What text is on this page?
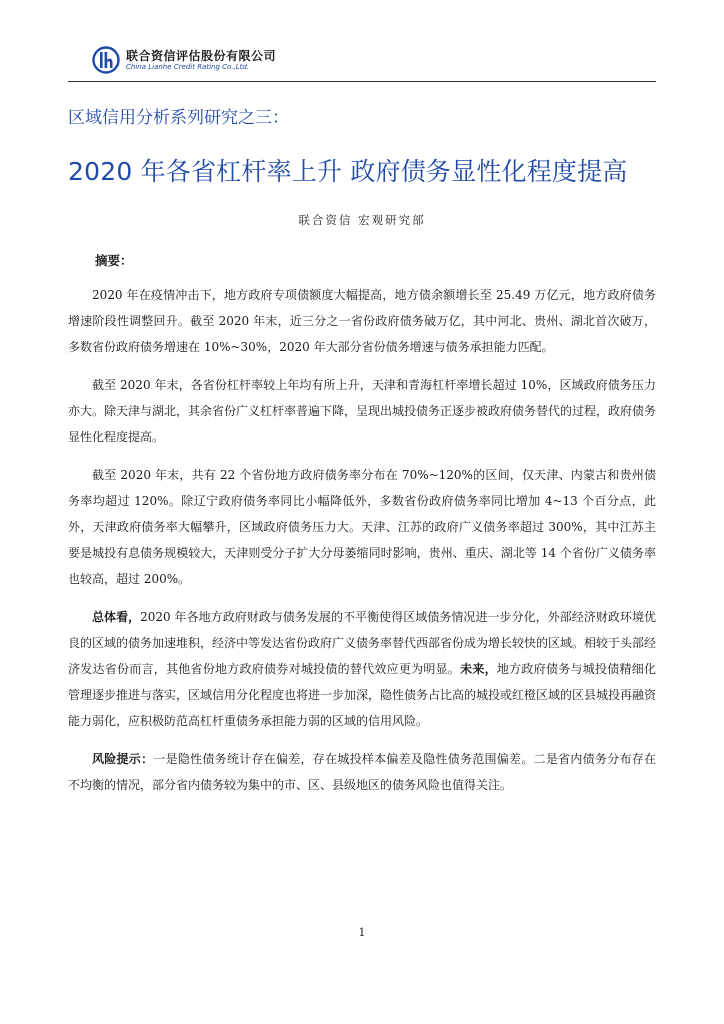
联合资信评估股份有限公司
China Lianhe Credit Rating Co.,Ltd.
区域信用分析系列研究之三：
2020 年各省杠杆率上升 政府债务显性化程度提高
联合资信 宏观研究部
摘要：

2020 年在疫情冲击下，地方政府专项债额度大幅提高，地方债余额增长至 25.49 万亿元，地方政府债务增速阶段性调整回升。截至 2020 年末，近三分之一省份政府债务破万亿，其中河北、贵州、湖北首次破万，多数省份政府债务增速在 10%~30%，2020 年大部分省份债务增速与债务承担能力匹配。

截至 2020 年末，各省份杠杆率较上年均有所上升，天津和青海杠杆率增长超过 10%，区域政府债务压力亦大。除天津与湖北，其余省份广义杠杆率普遍下降，呈现出城投债务正逐步被政府债务替代的过程，政府债务显性化程度提高。

截至 2020 年末，共有 22 个省份地方政府债务率分布在 70%~120%的区间，仅天津、内蒙古和贵州债务率均超过 120%。除辽宁政府债务率同比小幅降低外，多数省份政府债务率同比增加 4~13 个百分点，此外，天津政府债务率大幅攀升，区域政府债务压力大。天津、江苏的政府广义债务率超过 300%，其中江苏主要是城投有息债务规模较大，天津则受分子扩大分母萎缩同时影响，贵州、重庆、湖北等 14 个省份广义债务率也较高，超过 200%。

总体看，2020 年各地方政府财政与债务发展的不平衡使得区域债务情况进一步分化，外部经济财政环境优良的区域的债务加速堆积，经济中等发达省份政府广义债务率替代西部省份成为增长较快的区域。相较于头部经济发达省份而言，其他省份地方政府债券对城投债的替代效应更为明显。未来，地方政府债务与城投债精细化管理逐步推进与落实，区域信用分化程度也将进一步加深，隐性债务占比高的城投或红橙区域的区县城投再融资能力弱化，应积极防范高杠杆重债务承担能力弱的区域的信用风险。

风险提示：一是隐性债务统计存在偏差，存在城投样本偏差及隐性债务范围偏差。二是省内债务分布存在不均衡的情况，部分省内债务较为集中的市、区、县级地区的债务风险也值得关注。

1
